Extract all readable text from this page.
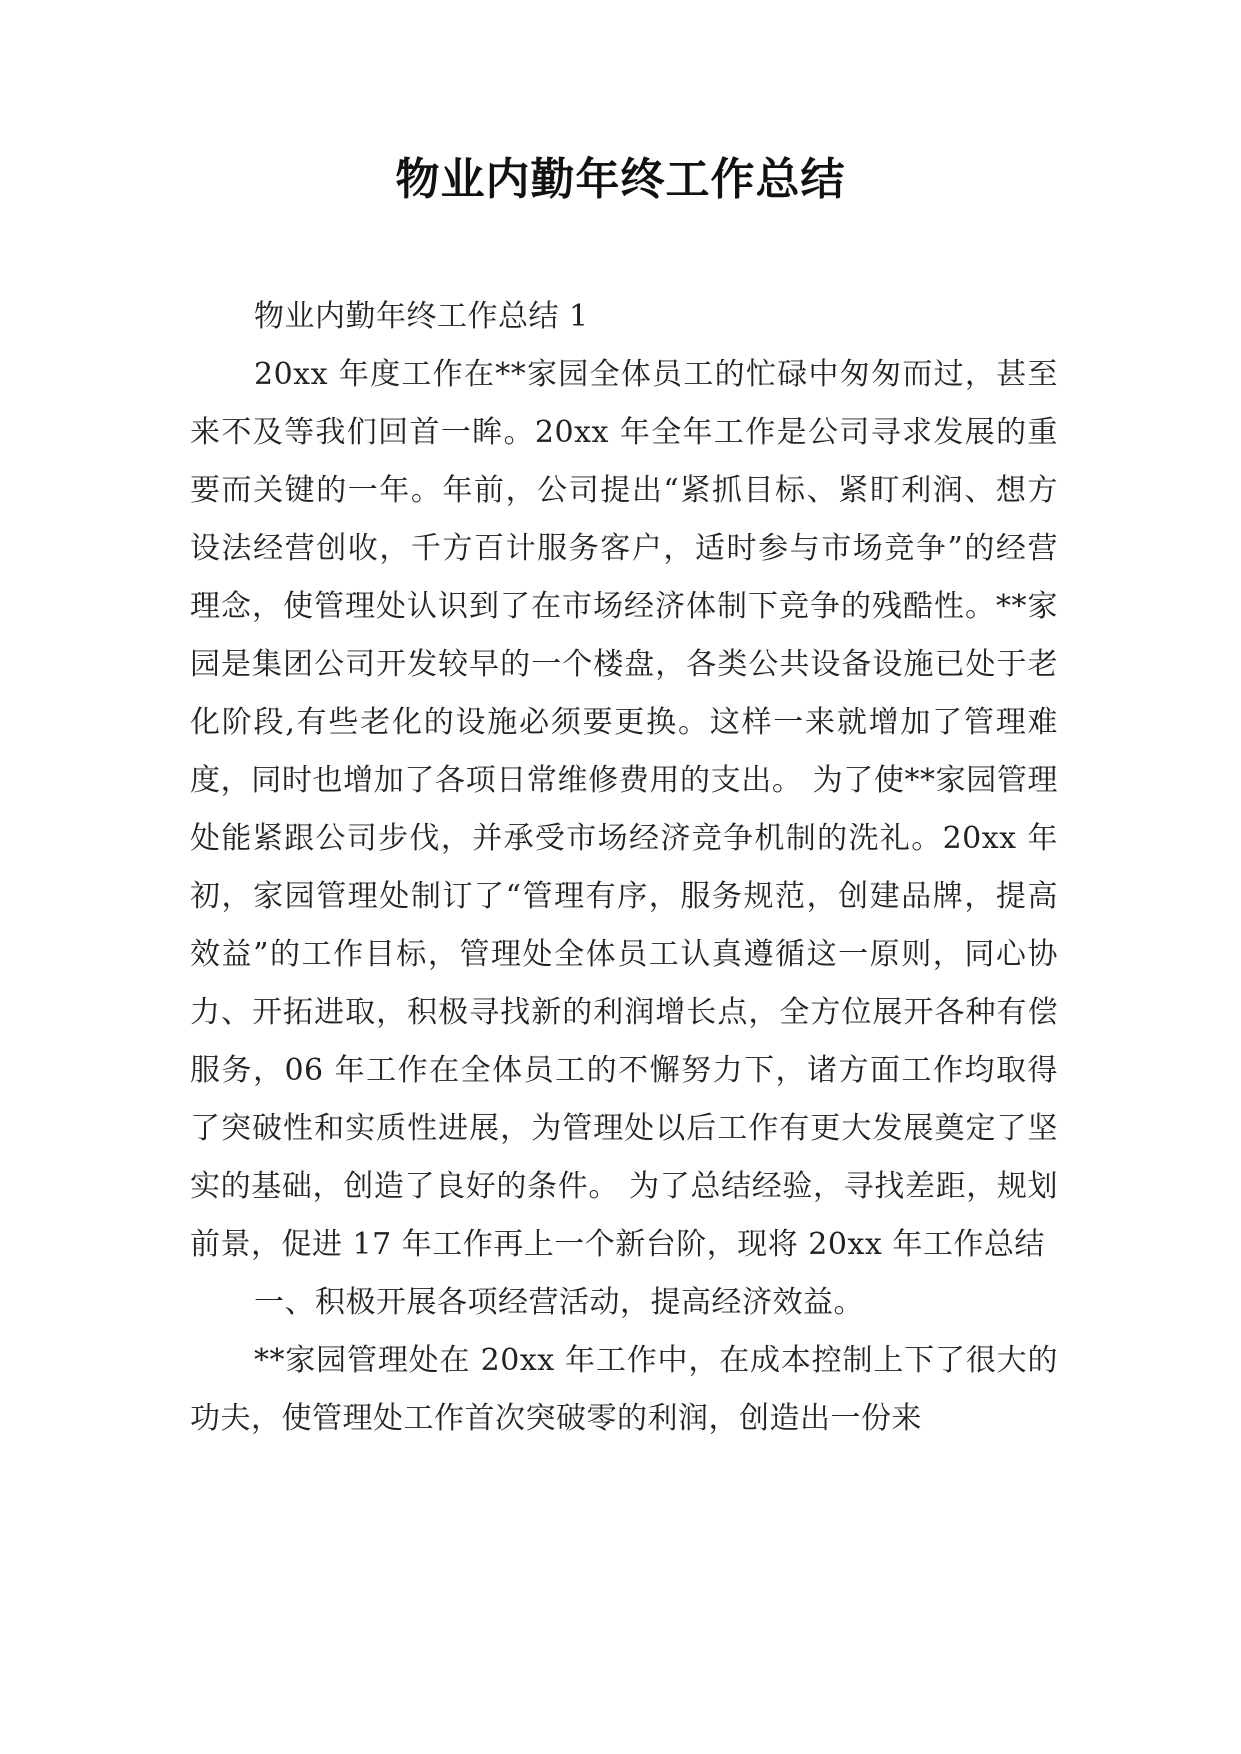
物业内勤年终工作总结

物业内勤年终工作总结 1

20xx 年度工作在**家园全体员工的忙碌中匆匆而过，甚至来不及等我们回首一眸。20xx 年全年工作是公司寻求发展的重要而关键的一年。年前，公司提出“紧抓目标、紧盯利润、想方设法经营创收，千方百计服务客户，适时参与市场竞争”的经营理念，使管理处认识到了在市场经济体制下竞争的残酷性。**家园是集团公司开发较早的一个楼盘，各类公共设备设施已处于老化阶段,有些老化的设施必须要更换。这样一来就增加了管理难度，同时也增加了各项日常维修费用的支出。 为了使**家园管理处能紧跟公司步伐，并承受市场经济竞争机制的洗礼。20xx 年初，家园管理处制订了“管理有序，服务规范，创建品牌，提高效益”的工作目标，管理处全体员工认真遵循这一原则，同心协力、开拓进取，积极寻找新的利润增长点，全方位展开各种有偿服务，06 年工作在全体员工的不懈努力下，诸方面工作均取得了突破性和实质性进展，为管理处以后工作有更大发展奠定了坚实的基础，创造了良好的条件。 为了总结经验，寻找差距，规划前景，促进 17 年工作再上一个新台阶，现将 20xx 年工作总结

一、积极开展各项经营活动，提高经济效益。

**家园管理处在 20xx 年工作中，在成本控制上下了很大的功夫，使管理处工作首次突破零的利润，创造出一份来
